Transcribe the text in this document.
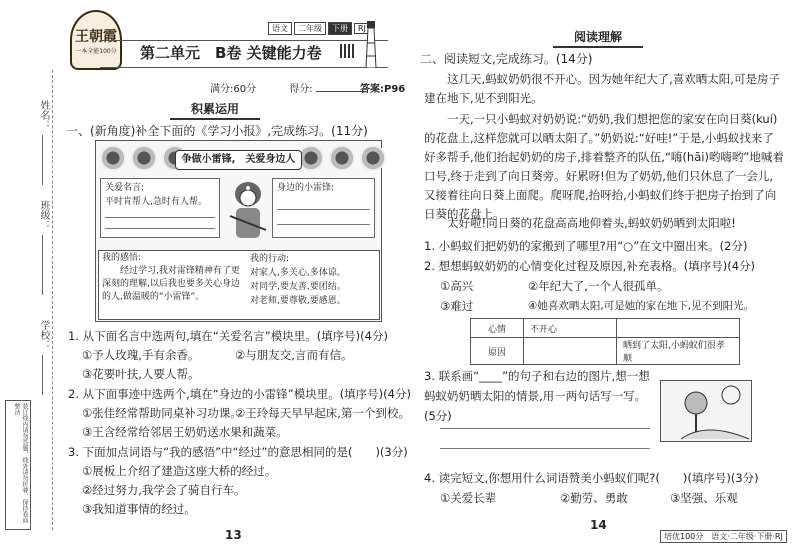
姓名：
班级：
学校：
装订线内请勿答题，线外请勿折叠，保持卷面整洁
王朝霞
一本全能100分
语文 二年级 下册 RJ
第二单元　B卷 关键能力卷
满分:60分	得分:	答案:P96
积累运用
一、(新角度)补全下面的《学习小报》,完成练习。(11分)

争做小雷锋,　关爱身边人
关爱名言:
平时肯帮人,急时有人帮。
身边的小雷锋:
我的感悟:
经过学习,我对雷锋精神有了更深刻的理解,以后我也要多关心身边的人,做温暖的“小雷锋”。
我的行动:
对家人,多关心,多体谅。
对同学,要友善,要团结。
对老师,要尊敬,要感恩。
1. 从下面名言中选两句,填在“关爱名言”模块里。(填序号)(4分)
①予人玫瑰,手有余香。	②与朋友交,言而有信。
③花要叶扶,人要人帮。
2. 从下面事迹中选两个,填在“身边的小雷锋”模块里。(填序号)(4分)
①张佳经常帮助同桌补习功课。
②王玲每天早早起床,第一个到校。
③王含经常给邻居王奶奶送水果和蔬菜。
3. 下面加点词语与“我的感悟”中“经过”的意思相同的是(　　)(3分)
①展板上介绍了建造这座大桥的经过。
②经过努力,我学会了骑自行车。
③我知道事情的经过。
13
阅读理解
二、阅读短文,完成练习。(14分)
这几天,蚂蚁奶奶很不开心。因为她年纪大了,喜欢晒太阳,可是房子建在地下,见不到阳光。
一天,一只小蚂蚁对奶奶说:“奶奶,我们想把您的家安在向日葵(kuí)的花盘上,这样您就可以晒太阳了。”奶奶说:“好哇!”于是,小蚂蚁找来了好多帮手,他们抬起奶奶的房子,排着整齐的队伍,“嗨(hāi)哟嗨哟”地喊着口号,终于走到了向日葵旁。好累呀!但为了奶奶,他们只休息了一会儿,又接着往向日葵上面爬。爬呀爬,抬呀抬,小蚂蚁们终于把房子抬到了向日葵的花盘上。
太好啦!向日葵的花盘高高地仰着头,蚂蚁奶奶晒到太阳啦!
1. 小蚂蚁们把奶奶的家搬到了哪里?用“○”在文中圈出来。(2分)
2. 想想蚂蚁奶奶的心情变化过程及原因,补充表格。(填序号)(4分)
①高兴	②年纪大了,一个人很孤单。
③难过	④她喜欢晒太阳,可是她的家在地下,见不到阳光。
心情	不开心	
原因		晒到了太阳,小蚂蚁们很孝顺
3. 联系画“____”的句子和右边的图片,想一想蚂蚁奶奶晒太阳的情景,用一两句话写一写。(5分)
4. 读完短文,你想用什么词语赞美小蚂蚁们呢?(　　)(填序号)(3分)
①关爱长辈	②勤劳、勇敢	③坚强、乐观
14
培优100分　语文·二年级·下册·RJ
